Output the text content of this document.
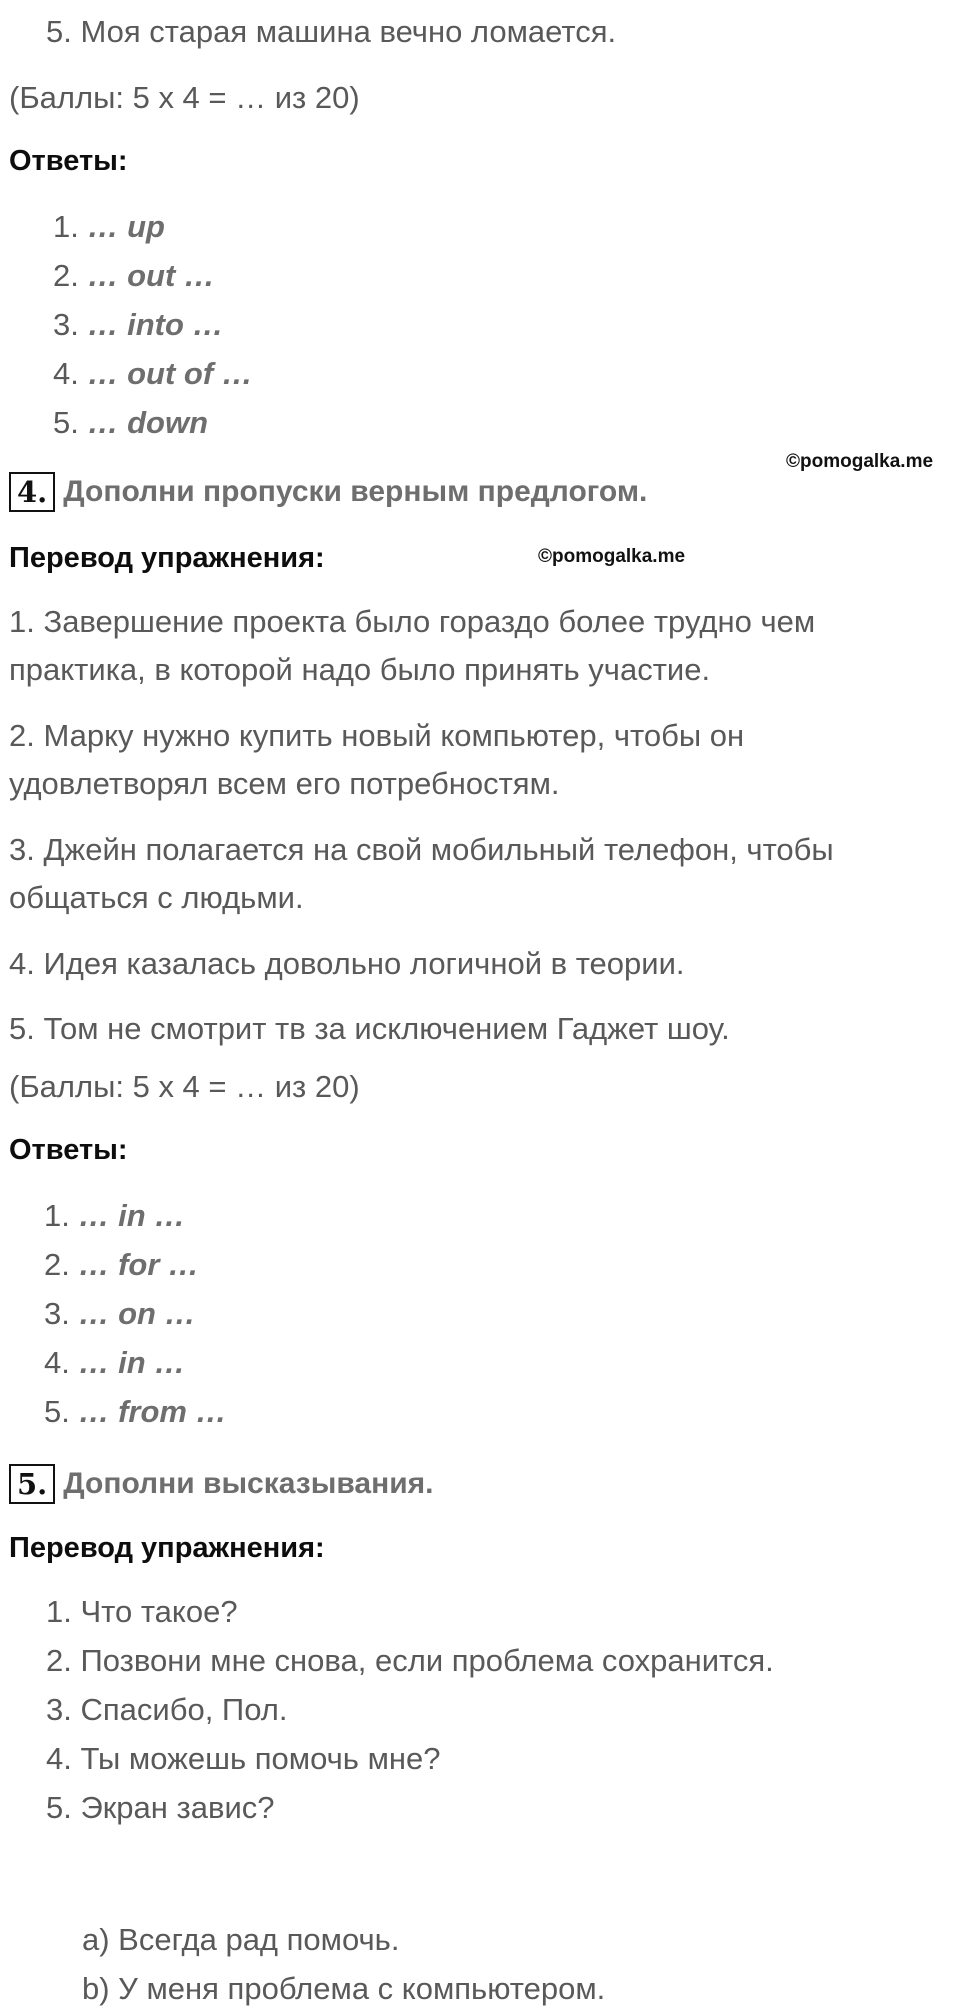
5. Моя старая машина вечно ломается.
(Баллы: 5 x 4 = … из 20)
Ответы:
1. … up
2. … out …
3. … into …
4. … out of …
5. … down
©pomogalka.me
4. Дополни пропуски верным предлогом.
Перевод упражнения:	©pomogalka.me
1. Завершение проекта было гораздо более трудно чем
практика, в которой надо было принять участие.
2. Марку нужно купить новый компьютер, чтобы он
удовлетворял всем его потребностям.
3. Джейн полагается на свой мобильный телефон, чтобы
общаться с людьми.
4. Идея казалась довольно логичной в теории.
5. Том не смотрит тв за исключением Гаджет шоу.
(Баллы: 5 x 4 = … из 20)
Ответы:
1. … in …
2. … for …
3. … on …
4. … in …
5. … from …
5. Дополни высказывания.
Перевод упражнения:
1. Что такое?
2. Позвони мне снова, если проблема сохранится.
3. Спасибо, Пол.
4. Ты можешь помочь мне?
5. Экран завис?
a) Всегда рад помочь.
b) У меня проблема с компьютером.
